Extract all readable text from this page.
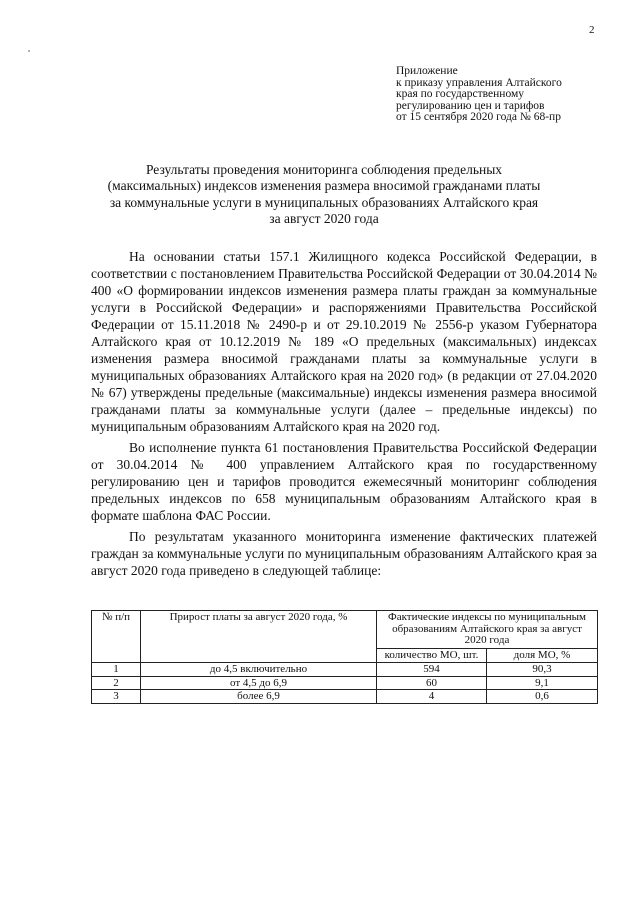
2
Приложение
к приказу управления Алтайского
края по государственному
регулированию цен и тарифов
от 15 сентября 2020 года № 68-пр
Результаты проведения мониторинга соблюдения предельных
(максимальных) индексов изменения размера вносимой гражданами платы
за коммунальные услуги в муниципальных образованиях Алтайского края
за август 2020 года

На основании статьи 157.1 Жилищного кодекса Российской Федерации, в соответствии с постановлением Правительства Российской Федерации от 30.04.2014 № 400 «О формировании индексов изменения размера платы граждан за коммунальные услуги в Российской Федерации» и распоряжениями Правительства Российской Федерации от 15.11.2018 № 2490-р и от 29.10.2019 № 2556-р указом Губернатора Алтайского края от 10.12.2019 № 189 «О предельных (максимальных) индексах изменения размера вносимой гражданами платы за коммунальные услуги в муниципальных образованиях Алтайского края на 2020 год» (в редакции от 27.04.2020 № 67) утверждены предельные (максимальные) индексы изменения размера вносимой гражданами платы за коммунальные услуги (далее – предельные индексы) по муниципальным образованиям Алтайского края на 2020 год.

Во исполнение пункта 61 постановления Правительства Российской Федерации от 30.04.2014 № 400 управлением Алтайского края по государственному регулированию цен и тарифов проводится ежемесячный мониторинг соблюдения предельных индексов по 658 муниципальным образованиям Алтайского края в формате шаблона ФАС России.

По результатам указанного мониторинга изменение фактических платежей граждан за коммунальные услуги по муниципальным образованиям Алтайского края за август 2020 года приведено в следующей таблице:

№ п/п	Прирост платы за август 2020 года, %	Фактические индексы по муниципальным образованиям Алтайского края за август 2020 года	
		количество МО, шт.	доля МО, %
1	до 4,5 включительно	594	90,3
2	от 4,5 до 6,9	60	9,1
3	более 6,9	4	0,6
